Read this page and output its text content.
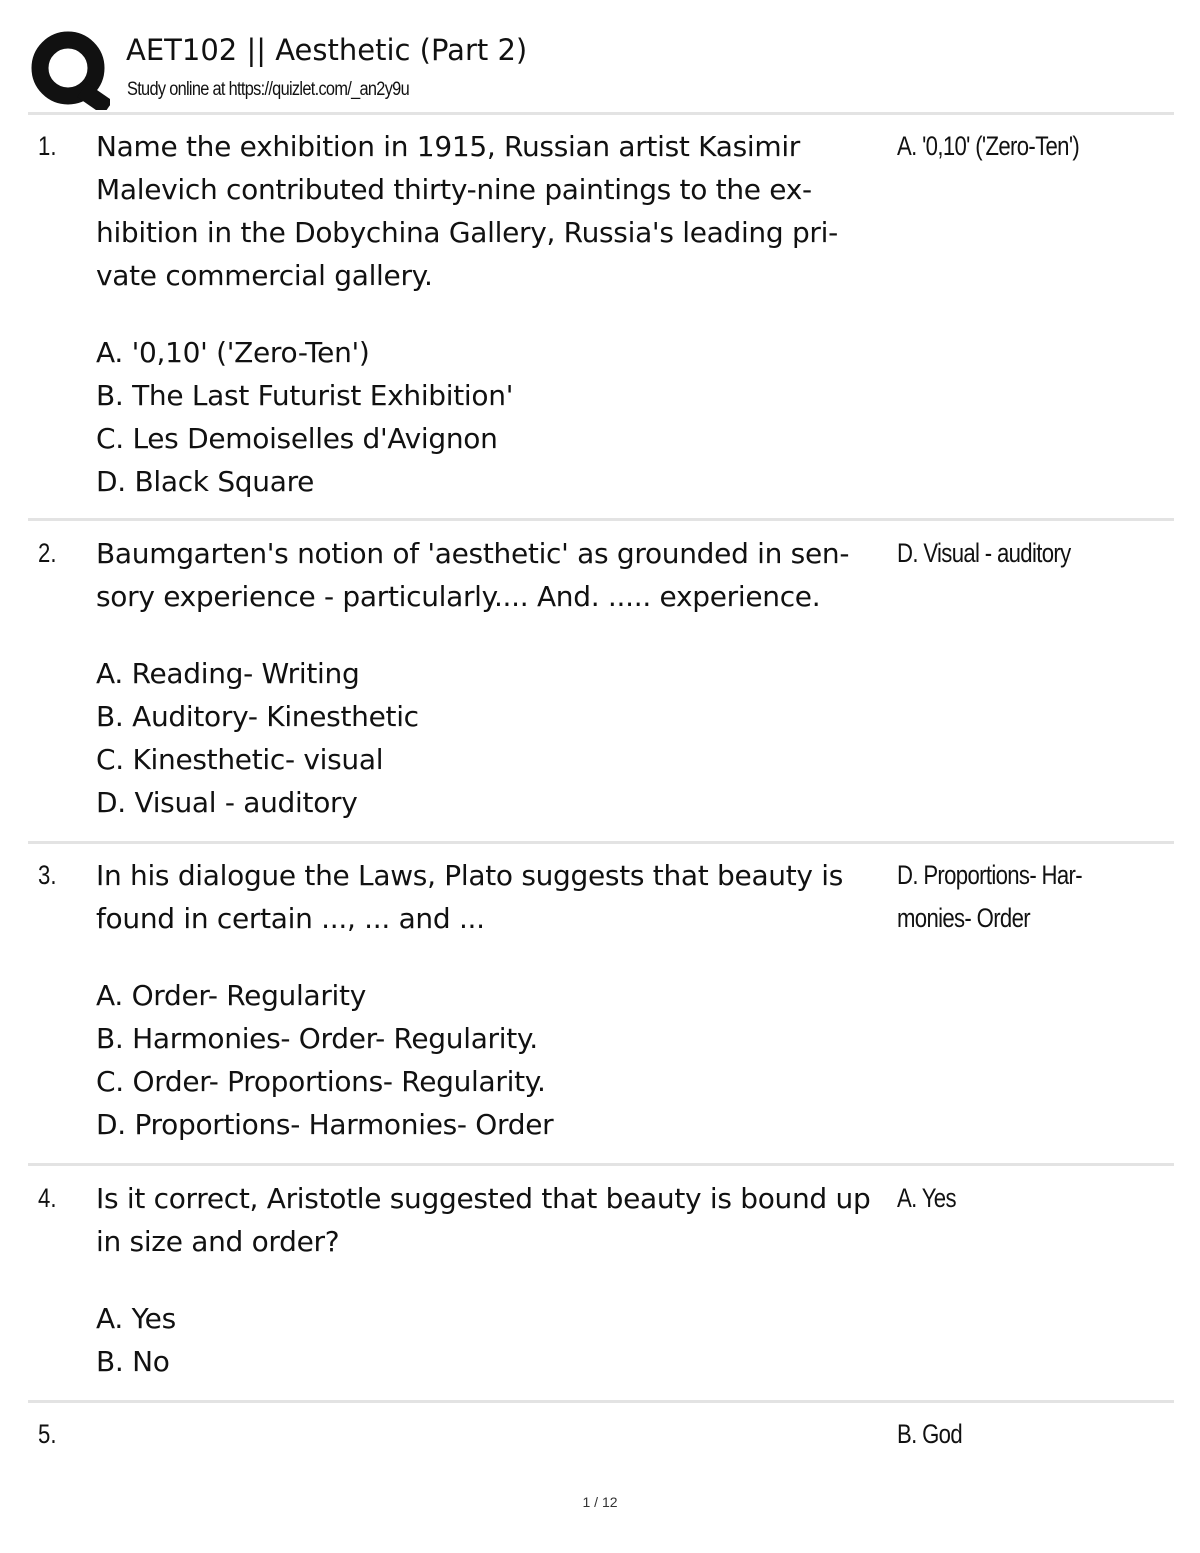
AET102 || Aesthetic (Part 2)
Study online at https://quizlet.com/_an2y9u
1. Name the exhibition in 1915, Russian artist Kasimir Malevich contributed thirty-nine paintings to the ex- hibition in the Dobychina Gallery, Russia's leading pri- vate commercial gallery.

A. '0,10' ('Zero-Ten')
B. The Last Futurist Exhibition'
C. Les Demoiselles d'Avignon
D. Black Square
A. '0,10' ('Zero-Ten')
2. Baumgarten's notion of 'aesthetic' as grounded in sen- sory experience - particularly.... And. ..... experience.

A. Reading- Writing
B. Auditory- Kinesthetic
C. Kinesthetic- visual
D. Visual - auditory
D. Visual - auditory
3. In his dialogue the Laws, Plato suggests that beauty is found in certain ..., ... and ...

A. Order- Regularity
B. Harmonies- Order- Regularity.
C. Order- Proportions- Regularity.
D. Proportions- Harmonies- Order
D. Proportions- Har- monies- Order
4. Is it correct, Aristotle suggested that beauty is bound up in size and order?

A. Yes
B. No
A. Yes
5.	B. God
1 / 12
